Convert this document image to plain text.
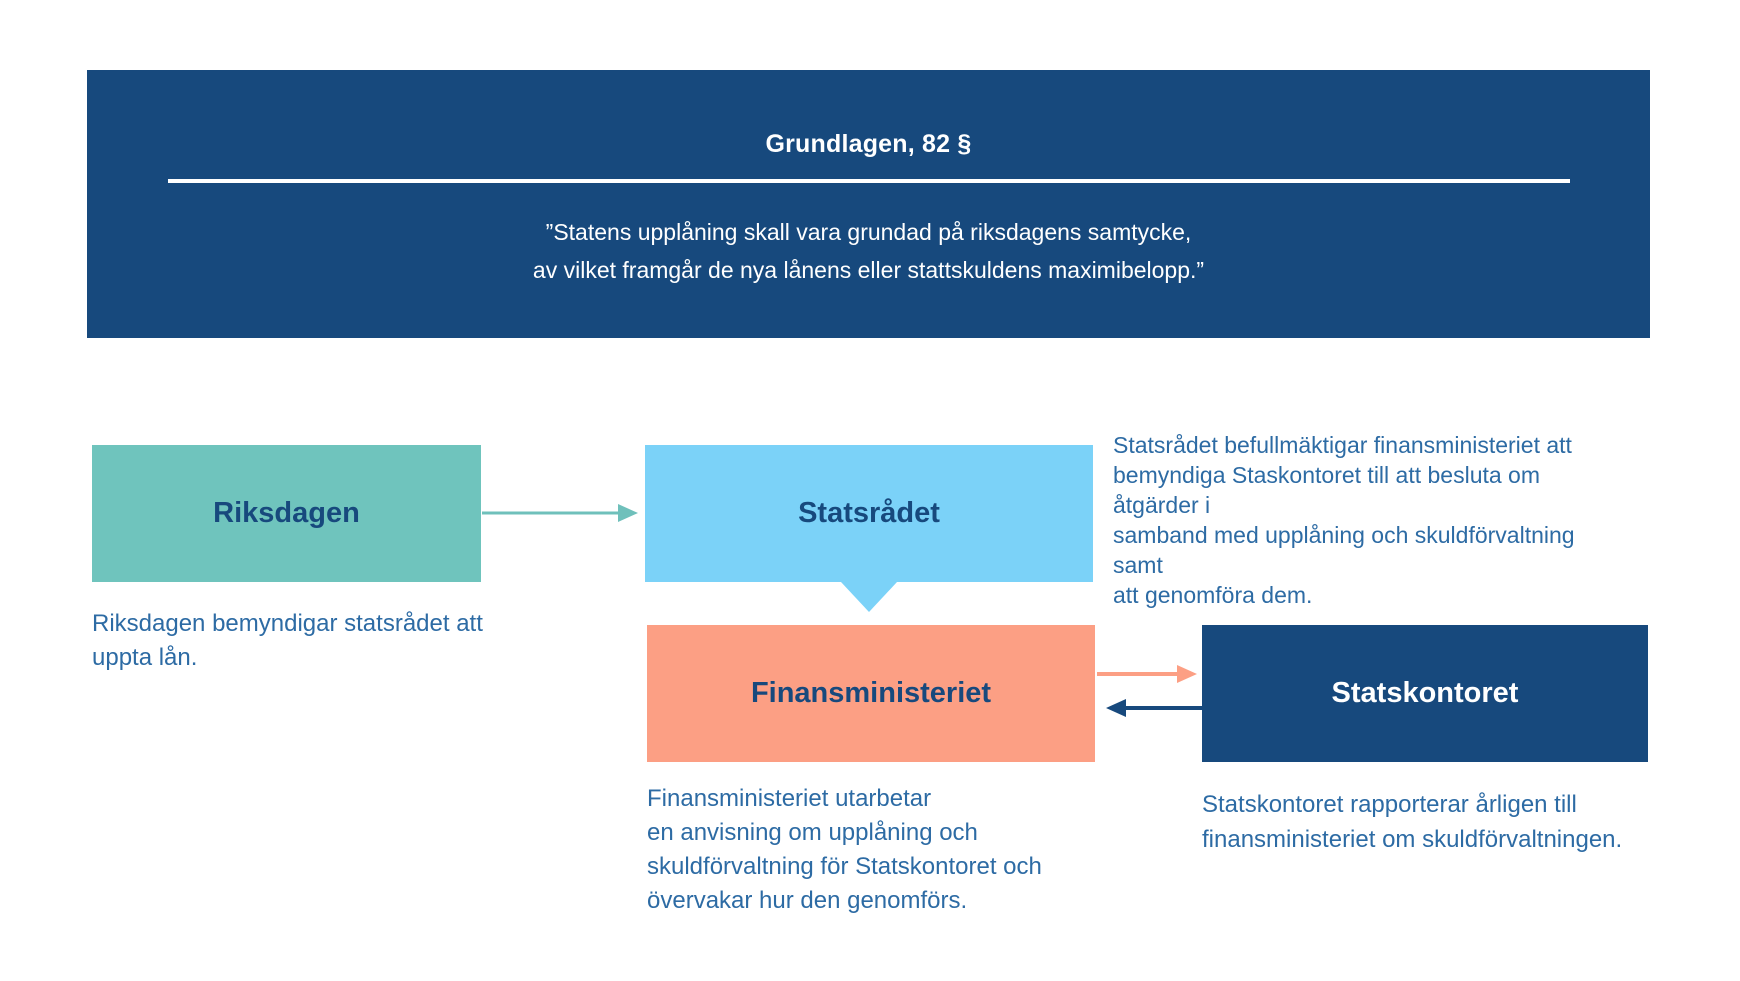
Grundlagen, 82 §
”Statens upplåning skall vara grundad på riksdagens samtycke,
av vilket framgår de nya lånens eller stattskuldens maximibelopp.”
Riksdagen	Statsrådet
Statsrådet befullmäktigar finansministeriet att
bemyndiga Staskontoret till att besluta om åtgärder i
samband med upplåning och skuldförvaltning samt
att genomföra dem.
Riksdagen bemyndigar statsrådet att
uppta lån.
Finansministeriet	Statskontoret
Finansministeriet utarbetar
en anvisning om upplåning och
skuldförvaltning för Statskontoret och
övervakar hur den genomförs.
Statskontoret rapporterar årligen till
finansministeriet om skuldförvaltningen.
